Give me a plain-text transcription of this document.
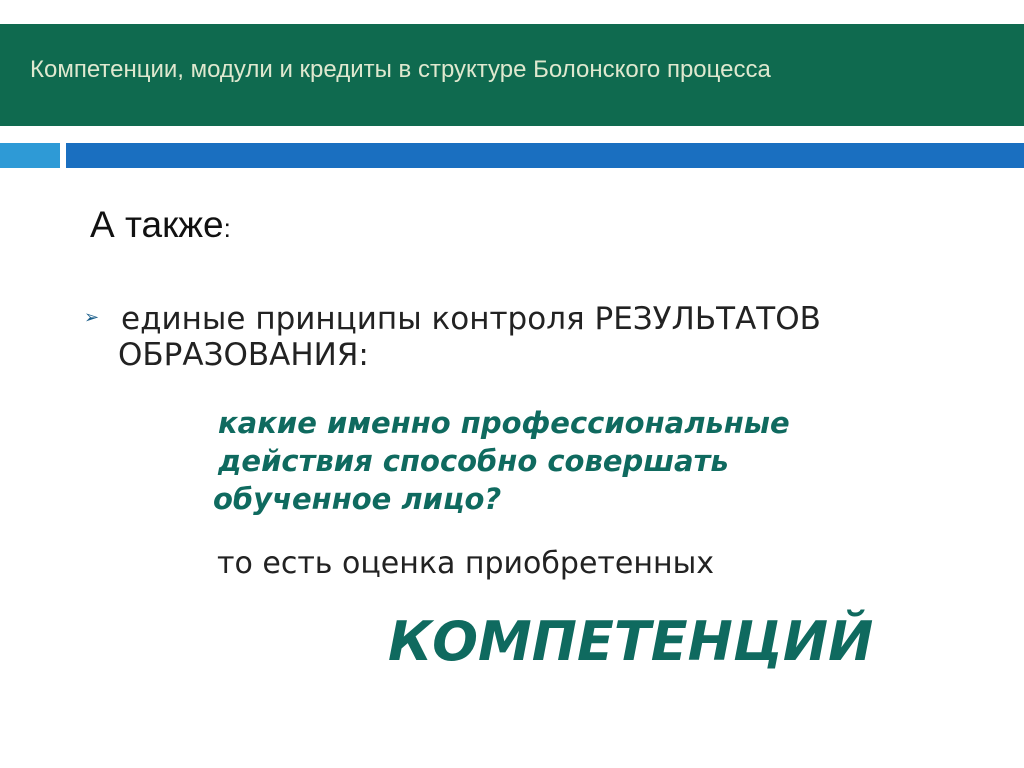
Компетенции, модули и кредиты в структуре Болонского процесса
А также:
➢ единые принципы контроля РЕЗУЛЬТАТОВ
ОБРАЗОВАНИЯ:
какие именно профессиональные
действия способно совершать
обученное лицо?
то есть оценка приобретенных
КОМПЕТЕНЦИЙ
